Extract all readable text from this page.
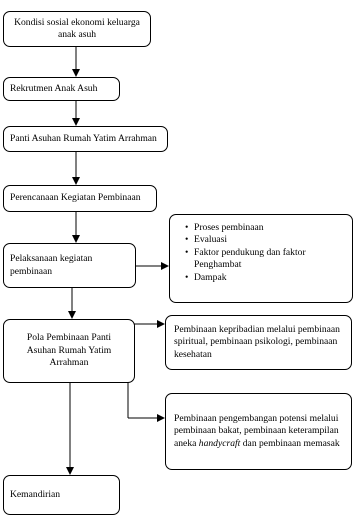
Kondisi sosial ekonomi keluarga anak asuh
Rekrutmen Anak Asuh
Panti Asuhan Rumah Yatim Arrahman
Perencanaan Kegiatan Pembinaan
Pelaksanaan kegiatan pembinaan
• Proses pembinaan
• Evaluasi
• Faktor pendukung dan faktor Penghambat
• Dampak
Pola Pembinaan Panti Asuhan Rumah Yatim Arrahman
Pembinaan kepribadian melalui pembinaan spiritual, pembinaan psikologi, pembinaan kesehatan
Pembinaan pengembangan potensi melalui pembinaan bakat, pembinaan keterampilan aneka handycraft dan pembinaan memasak
Kemandirian
